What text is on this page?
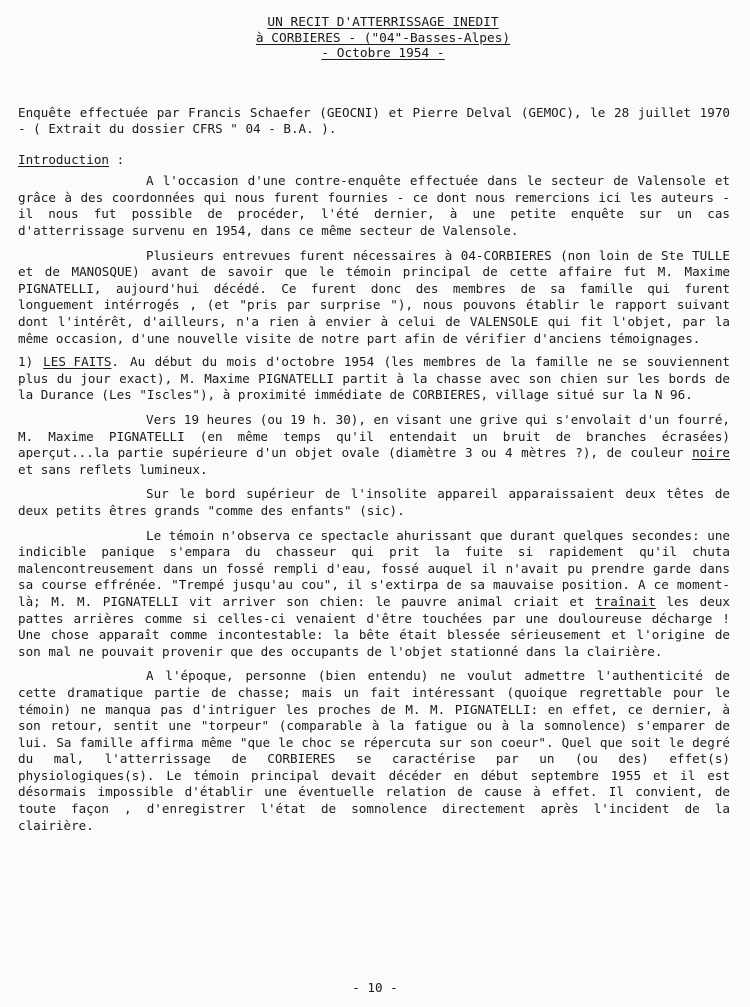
UN RECIT D'ATTERRISSAGE INEDIT
à CORBIERES - ("04"-Basses-Alpes)
- Octobre 1954 -

Enquête effectuée par Francis Schaefer (GEOCNI) et Pierre Delval (GEMOC), le 28 juillet 1970 - ( Extrait du dossier CFRS " 04 - B.A. ).

Introduction :

A l'occasion d'une contre-enquête effectuée dans le secteur de Valensole et grâce à des coordonnées qui nous furent fournies - ce dont nous remercions ici les auteurs - il nous fut possible de procéder, l'été dernier, à une petite enquête sur un cas d'atterrissage survenu en 1954, dans ce même secteur de Valensole.

Plusieurs entrevues furent nécessaires à 04-CORBIERES (non loin de Ste TULLE et de MANOSQUE) avant de savoir que le témoin principal de cette affaire fut M. Maxime PIGNATELLI, aujourd'hui décédé. Ce furent donc des membres de sa famille qui furent longuement intérrogés , (et "pris par surprise "), nous pouvons établir le rapport suivant dont l'intérêt, d'ailleurs, n'a rien à envier à celui de VALENSOLE qui fit l'objet, par la même occasion, d'une nouvelle visite de notre part afin de vérifier d'anciens témoignages.

1) LES FAITS. Au début du mois d'octobre 1954 (les membres de la famille ne se souviennent plus du jour exact), M. Maxime PIGNATELLI partit à la chasse avec son chien sur les bords de la Durance (Les "Iscles"), à proximité immédiate de CORBIERES, village situé sur la N 96.

Vers 19 heures (ou 19 h. 30), en visant une grive qui s'envolait d'un fourré, M. Maxime PIGNATELLI (en même temps qu'il entendait un bruit de branches écrasées) aperçut...la partie supérieure d'un objet ovale (diamètre 3 ou 4 mètres ?), de couleur noire et sans reflets lumineux.

Sur le bord supérieur de l'insolite appareil apparaissaient deux têtes de deux petits êtres grands "comme des enfants" (sic).

Le témoin n'observa ce spectacle ahurissant que durant quelques secondes: une indicible panique s'empara du chasseur qui prit la fuite si rapidement qu'il chuta malencontreusement dans un fossé rempli d'eau, fossé auquel il n'avait pu prendre garde dans sa course effrénée. "Trempé jusqu'au cou", il s'extirpa de sa mauvaise position. A ce moment-là; M. M. PIGNATELLI vit arriver son chien: le pauvre animal criait et traînait les deux pattes arrières comme si celles-ci venaient d'être touchées par une douloureuse décharge ! Une chose apparaît comme incontestable: la bête était blessée sérieusement et l'origine de son mal ne pouvait provenir que des occupants de l'objet stationné dans la clairière.

A l'époque, personne (bien entendu) ne voulut admettre l'authenticité de cette dramatique partie de chasse; mais un fait intéressant (quoique regrettable pour le témoin) ne manqua pas d'intriguer les proches de M. M. PIGNATELLI: en effet, ce dernier, à son retour, sentit une "torpeur" (comparable à la fatigue ou à la somnolence) s'emparer de lui. Sa famille affirma même "que le choc se répercuta sur son coeur". Quel que soit le degré du mal, l'atterrissage de CORBIERES se caractérise par un (ou des) effet(s) physiologiques(s). Le témoin principal devait décéder en début septembre 1955 et il est désormais impossible d'établir une éventuelle relation de cause à effet. Il convient, de toute façon , d'enregistrer l'état de somnolence directement après l'incident de la clairière.

- 10 -
